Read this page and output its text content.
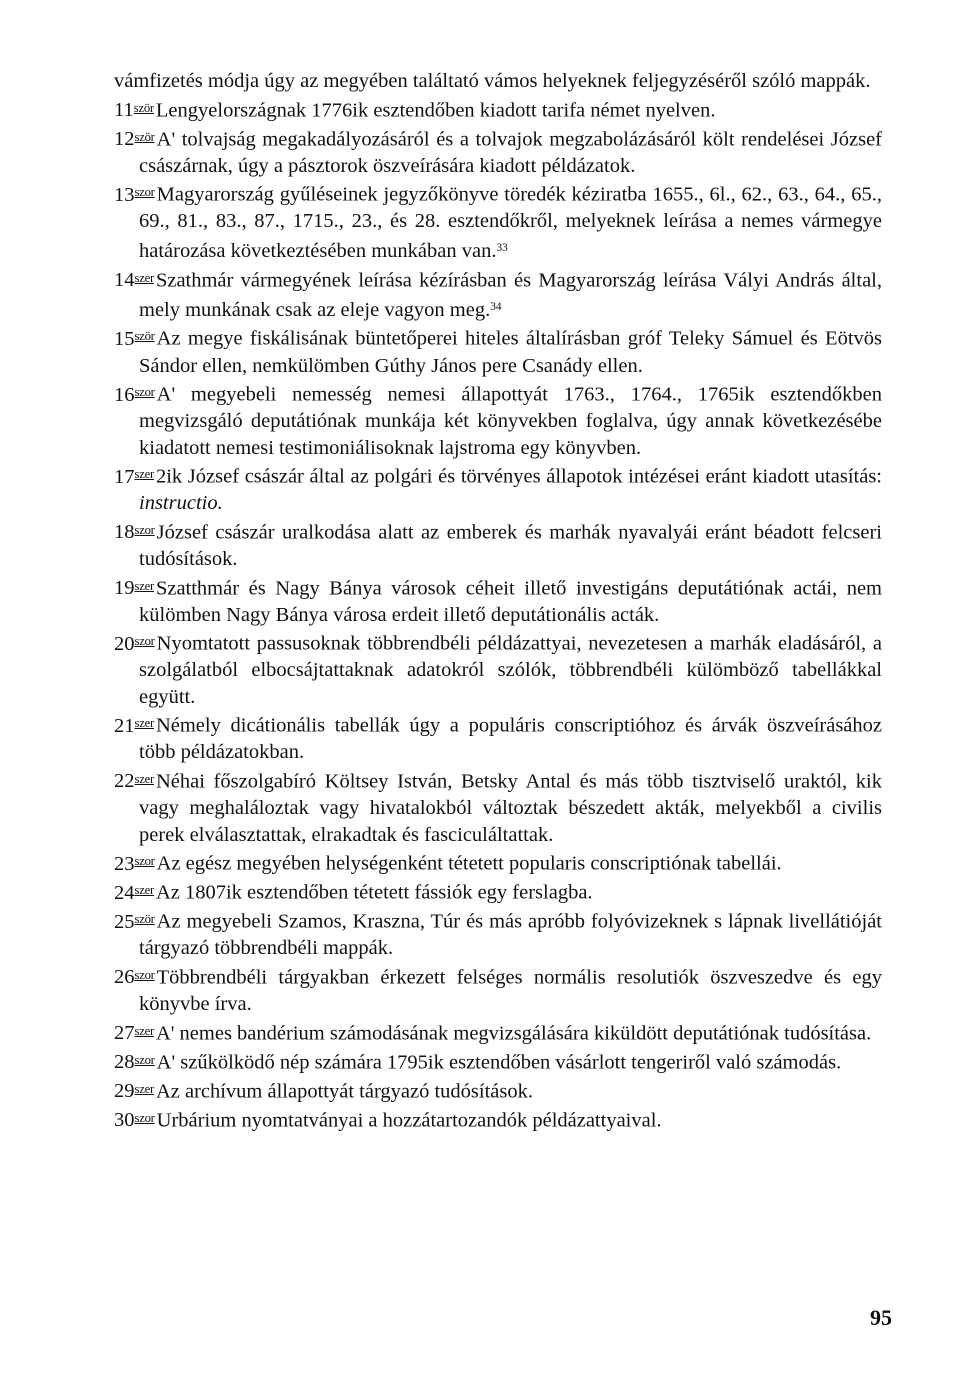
vámfizetés módja úgy az megyében találtató vámos helyeknek feljegyzéséről szóló mappák.

$11^{ször}Lengyelországnak$ 1776ik esztendőben kiadott tarifa német nyelven.

$12^{ször}A'$ tolvajság megakadályozásáról és a tolvajok megzabolázásáról költ rendelései József császárnak, úgy a pásztorok öszveírására kiadott példázatok.

$13^{szor}Magyarország$ gyűléseinek jegyzőkönyve töredék kéziratba 1655., 6l., 62., 63., 64., 65., 69., 81., 83., 87., 1715., 23., és 28. esztendőkről, melyeknek leírása a nemes vármegye határozása következtésében munkában van.$^{33}$

$14^{szer}Szathmár$ vármegyének leírása kézírásban és Magyarország leírása Vályi András által, mely munkának csak az eleje vagyon meg.$^{34}$

$15^{ször}Az$ megye fiskálisának büntetőperei hiteles általírásban gróf Teleky Sámuel és Eötvös Sándor ellen, nemkülömben Gúthy János pere Csanády ellen.

$16^{szor}A'$ megyebeli nemesség nemesi állapottyát 1763., 1764., 1765ik esztendőkben megvizsgáló deputátiónak munkája két könyvekben foglalva, úgy annak következésébe kiadatott nemesi testimoniálisoknak lajstroma egy könyvben.

$17^{szer}2ik$ József császár által az polgári és törvényes állapotok intézései eránt kiadott utasítás: instructio.

$18^{szor}József$ császár uralkodása alatt az emberek és marhák nyavalyái eránt béadott felcseri tudósítások.

$19^{szer}Szatthmár$ és Nagy Bánya városok céheit illető investigáns deputátiónak actái, nem külömben Nagy Bánya városa erdeit illető deputátionális acták.

$20^{szor}Nyomtatott$ passusoknak többrendbéli példázattyai, nevezetesen a marhák eladásáról, a szolgálatból elbocsájtattaknak adatokról szólók, többrendbéli külömböző tabellákkal együtt.

$21^{szer}Némely$ dicátionális tabellák úgy a populáris conscriptióhoz és árvák öszveírásához több példázatokban.

$22^{szer}Néhai$ főszolgabíró Költsey István, Betsky Antal és más több tisztviselő uraktól, kik vagy meghaláloztak vagy hivatalokból változtak bészedett akták, melyekből a civilis perek elválasztattak, elrakadtak és fasciculáltattak.

$23^{szor}Az$ egész megyében helységenként tétetett popularis conscriptiónak tabellái.

$24^{szer}Az$ 1807ik esztendőben tétetett fássiók egy ferslagba.

$25^{ször}Az$ megyebeli Szamos, Kraszna, Túr és más apróbb folyóvizeknek s lápnak livellátióját tárgyazó többrendbéli mappák.

$26^{szor}Többrendbéli$ tárgyakban érkezett felséges normális resolutiók öszveszedve és egy könyvbe írva.

$27^{szer}A'$ nemes bandérium számodásának megvizsgálására kiküldött deputátiónak tudósítása.

$28^{szor}A'$ szűkölködő nép számára 1795ik esztendőben vásárlott tengeriről való számodás.

$29^{szer}Az$ archívum állapottyát tárgyazó tudósítások.

$30^{szor}Urbárium$ nyomtatványai a hozzátartozandók példázattyaival.

95
